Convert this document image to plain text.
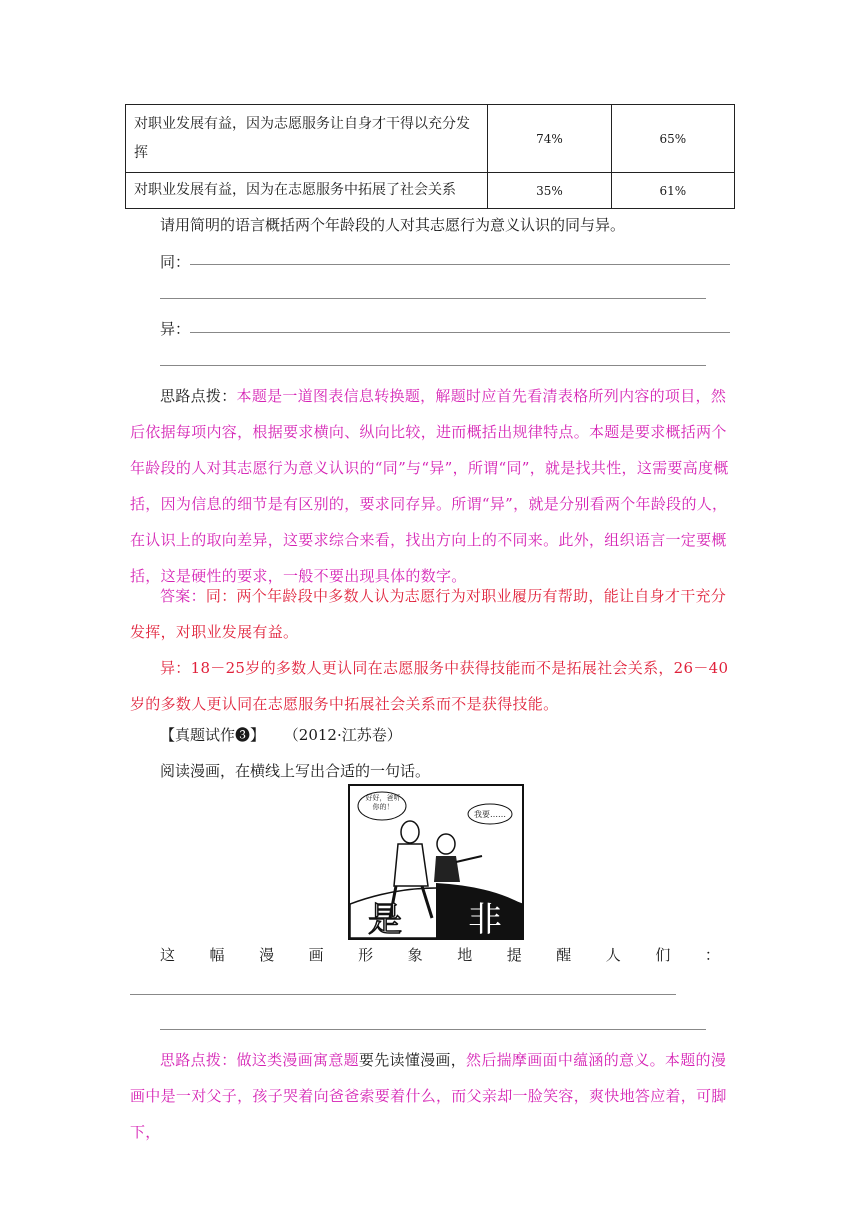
对职业发展有益，因为志愿服务让自身才干得以充分发挥	74%	65%
对职业发展有益，因为在志愿服务中拓展了社会关系	35%	61%
请用简明的语言概括两个年龄段的人对其志愿行为意义认识的同与异。
同：
异：
思路点拨：本题是一道图表信息转换题，解题时应首先看清表格所列内容的项目，然后依据每项内容，根据要求横向、纵向比较，进而概括出规律特点。本题是要求概括两个年龄段的人对其志愿行为意义认识的“同”与“异”，所谓“同”，就是找共性，这需要高度概括，因为信息的细节是有区别的，要求同存异。所谓“异”，就是分别看两个年龄段的人，在认识上的取向差异，这要求综合来看，找出方向上的不同来。此外，组织语言一定要概括，这是硬性的要求，一般不要出现具体的数字。
答案：同：两个年龄段中多数人认为志愿行为对职业履历有帮助，能让自身才干充分发挥，对职业发展有益。
异：18－25岁的多数人更认同在志愿服务中获得技能而不是拓展社会关系，26－40岁的多数人更认同在志愿服务中拓展社会关系而不是获得技能。
【真题试作❸】 （2012·江苏卷）
阅读漫画，在横线上写出合适的一句话。
好好，爸听你的！
我要……
是 非
这 幅 漫 画 形 象 地 提 醒 人 们 ：
思路点拨：做这类漫画寓意题要先读懂漫画，然后揣摩画面中蕴涵的意义。本题的漫画中是一对父子，孩子哭着向爸爸索要着什么，而父亲却一脸笑容，爽快地答应着，可脚下，
